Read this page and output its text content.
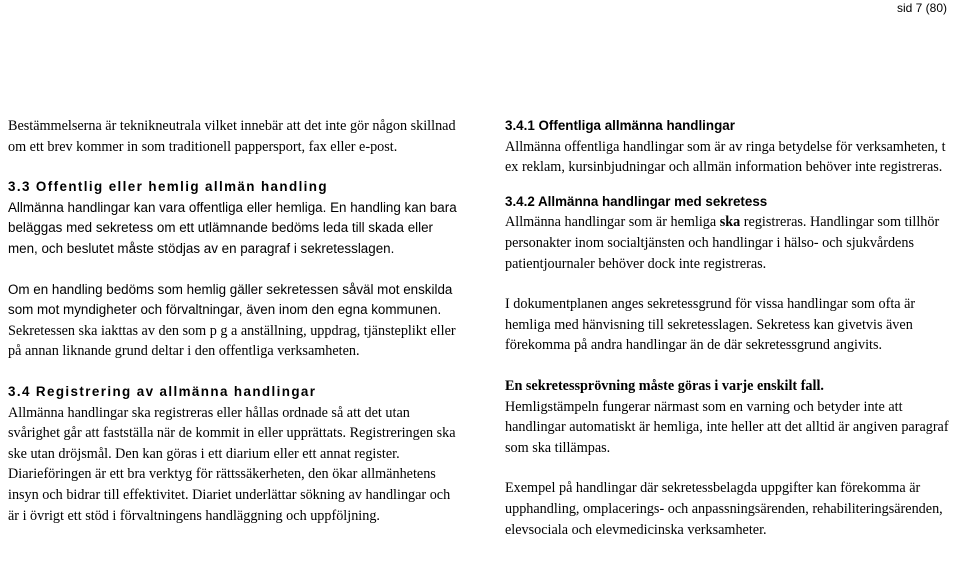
sid 7 (80)

Bestämmelserna är teknikneutrala vilket innebär att det inte gör någon skillnad om ett brev kommer in som traditionell pappersport, fax eller e-post.

3.3 Offentlig eller hemlig allmän handling

Allmänna handlingar kan vara offentliga eller hemliga. En handling kan bara beläggas med sekretess om ett utlämnande bedöms leda till skada eller men, och beslutet måste stödjas av en paragraf i sekretesslagen.

Om en handling bedöms som hemlig gäller sekretessen såväl mot enskilda som mot myndigheter och förvaltningar, även inom den egna kommunen. Sekretessen ska iakttas av den som p g a anställning, uppdrag, tjänsteplikt eller på annan liknande grund deltar i den offentliga verksamheten.

3.4 Registrering av allmänna handlingar

Allmänna handlingar ska registreras eller hållas ordnade så att det utan svårighet går att fastställa när de kommit in eller upprättats. Registreringen ska ske utan dröjsmål. Den kan göras i ett diarium eller ett annat register. Diarieföringen är ett bra verktyg för rättssäkerheten, den ökar allmänhetens insyn och bidrar till effektivitet. Diariet underlättar sökning av handlingar och är i övrigt ett stöd i förvaltningens handläggning och uppföljning.

3.4.1 Offentliga allmänna handlingar

Allmänna offentliga handlingar som är av ringa betydelse för verksamheten, t ex reklam, kursinbjudningar och allmän information behöver inte registreras.

3.4.2 Allmänna handlingar med sekretess

Allmänna handlingar som är hemliga ska registreras. Handlingar som tillhör personakter inom socialtjänsten och handlingar i hälso- och sjukvårdens patientjournaler behöver dock inte registreras.

I dokumentplanen anges sekretessgrund för vissa handlingar som ofta är hemliga med hänvisning till sekretesslagen. Sekretess kan givetvis även förekomma på andra handlingar än de där sekretessgrund angivits.

En sekretessprövning måste göras i varje enskilt fall.

Hemligstämpeln fungerar närmast som en varning och betyder inte att handlingar automatiskt är hemliga, inte heller att det alltid är angiven paragraf som ska tillämpas.

Exempel på handlingar där sekretessbelagda uppgifter kan förekomma är upphandling, omplacerings- och anpassningsärenden, rehabiliteringsärenden, elevsociala och elevmedicinska verksamheter.
